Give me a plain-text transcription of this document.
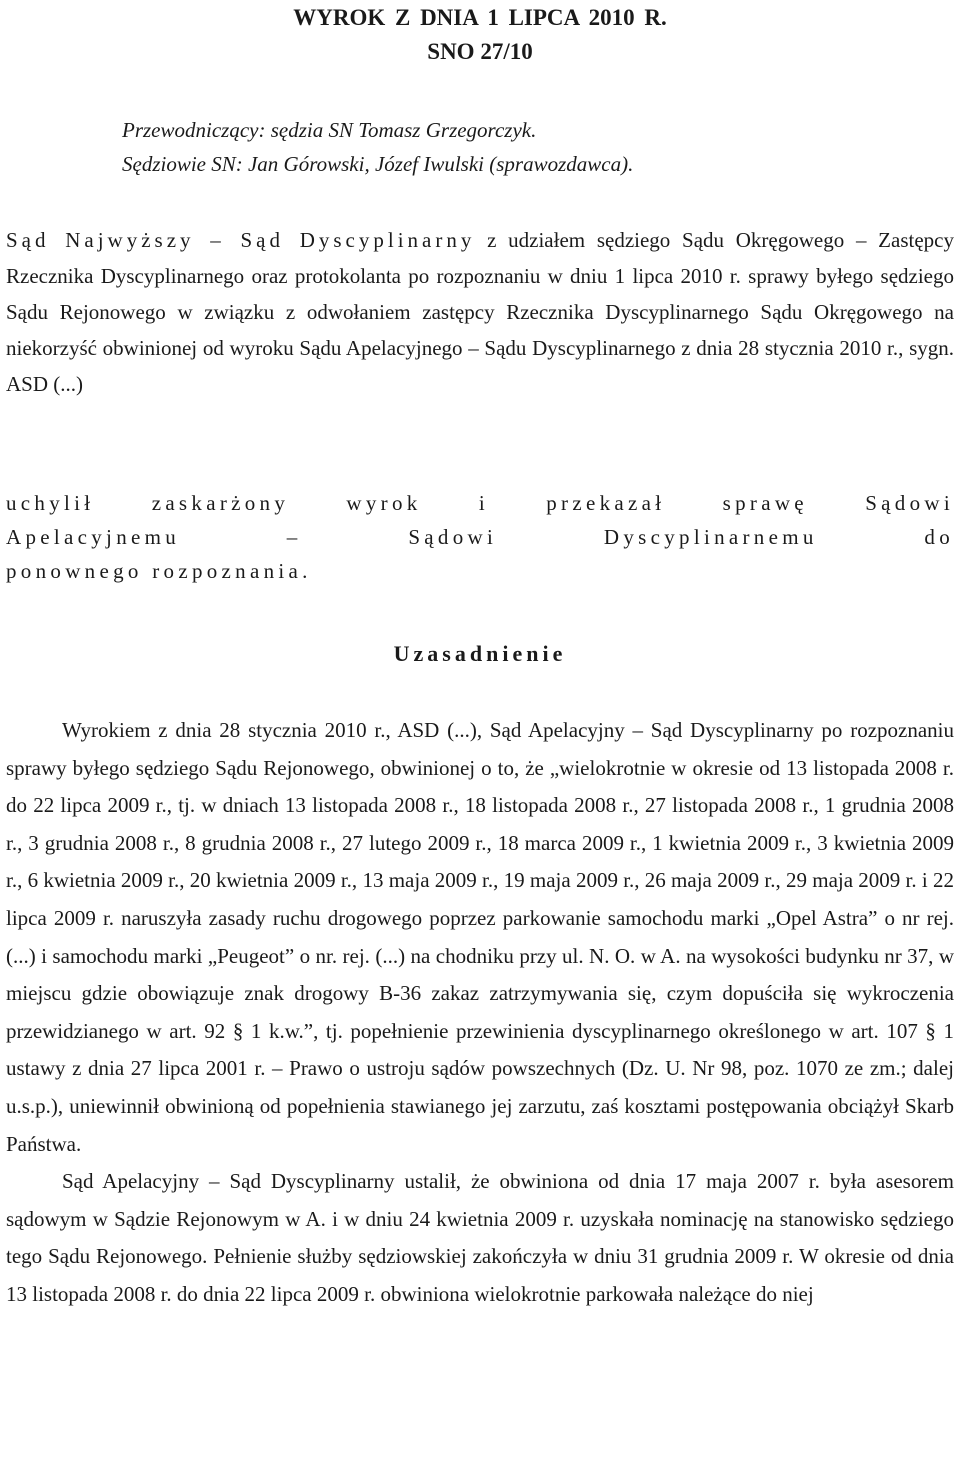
WYROK Z DNIA 1 LIPCA 2010 R.
SNO 27/10
Przewodniczący: sędzia SN Tomasz Grzegorczyk.
Sędziowie SN: Jan Górowski, Józef Iwulski (sprawozdawca).
Sąd Najwyższy – Sąd Dyscyplinarny z udziałem sędziego Sądu Okręgowego – Zastępcy Rzecznika Dyscyplinarnego oraz protokolanta po rozpoznaniu w dniu 1 lipca 2010 r. sprawy byłego sędziego Sądu Rejonowego w związku z odwołaniem zastępcy Rzecznika Dyscyplinarnego Sądu Okręgowego na niekorzyść obwinionej od wyroku Sądu Apelacyjnego – Sądu Dyscyplinarnego z dnia 28 stycznia 2010 r., sygn. ASD (...)
uchylił zaskarżony wyrok i przekazał sprawę Sądowi
Apelacyjnemu – Sądowi Dyscyplinarnemu do
ponownego rozpoznania.
Uzasadnienie

Wyrokiem z dnia 28 stycznia 2010 r., ASD (...), Sąd Apelacyjny – Sąd Dyscyplinarny po rozpoznaniu sprawy byłego sędziego Sądu Rejonowego, obwinionej o to, że „wielokrotnie w okresie od 13 listopada 2008 r. do 22 lipca 2009 r., tj. w dniach 13 listopada 2008 r., 18 listopada 2008 r., 27 listopada 2008 r., 1 grudnia 2008 r., 3 grudnia 2008 r., 8 grudnia 2008 r., 27 lutego 2009 r., 18 marca 2009 r., 1 kwietnia 2009 r., 3 kwietnia 2009 r., 6 kwietnia 2009 r., 20 kwietnia 2009 r., 13 maja 2009 r., 19 maja 2009 r., 26 maja 2009 r., 29 maja 2009 r. i 22 lipca 2009 r. naruszyła zasady ruchu drogowego poprzez parkowanie samochodu marki „Opel Astra” o nr rej. (...) i samochodu marki „Peugeot” o nr. rej. (...) na chodniku przy ul. N. O. w A. na wysokości budynku nr 37, w miejscu gdzie obowiązuje znak drogowy B-36 zakaz zatrzymywania się, czym dopuściła się wykroczenia przewidzianego w art. 92 § 1 k.w.”, tj. popełnienie przewinienia dyscyplinarnego określonego w art. 107 § 1 ustawy z dnia 27 lipca 2001 r. – Prawo o ustroju sądów powszechnych (Dz. U. Nr 98, poz. 1070 ze zm.; dalej u.s.p.), uniewinnił obwinioną od popełnienia stawianego jej zarzutu, zaś kosztami postępowania obciążył Skarb Państwa.

Sąd Apelacyjny – Sąd Dyscyplinarny ustalił, że obwiniona od dnia 17 maja 2007 r. była asesorem sądowym w Sądzie Rejonowym w A. i w dniu 24 kwietnia 2009 r. uzyskała nominację na stanowisko sędziego tego Sądu Rejonowego. Pełnienie służby sędziowskiej zakończyła w dniu 31 grudnia 2009 r. W okresie od dnia 13 listopada 2008 r. do dnia 22 lipca 2009 r. obwiniona wielokrotnie parkowała należące do niej
